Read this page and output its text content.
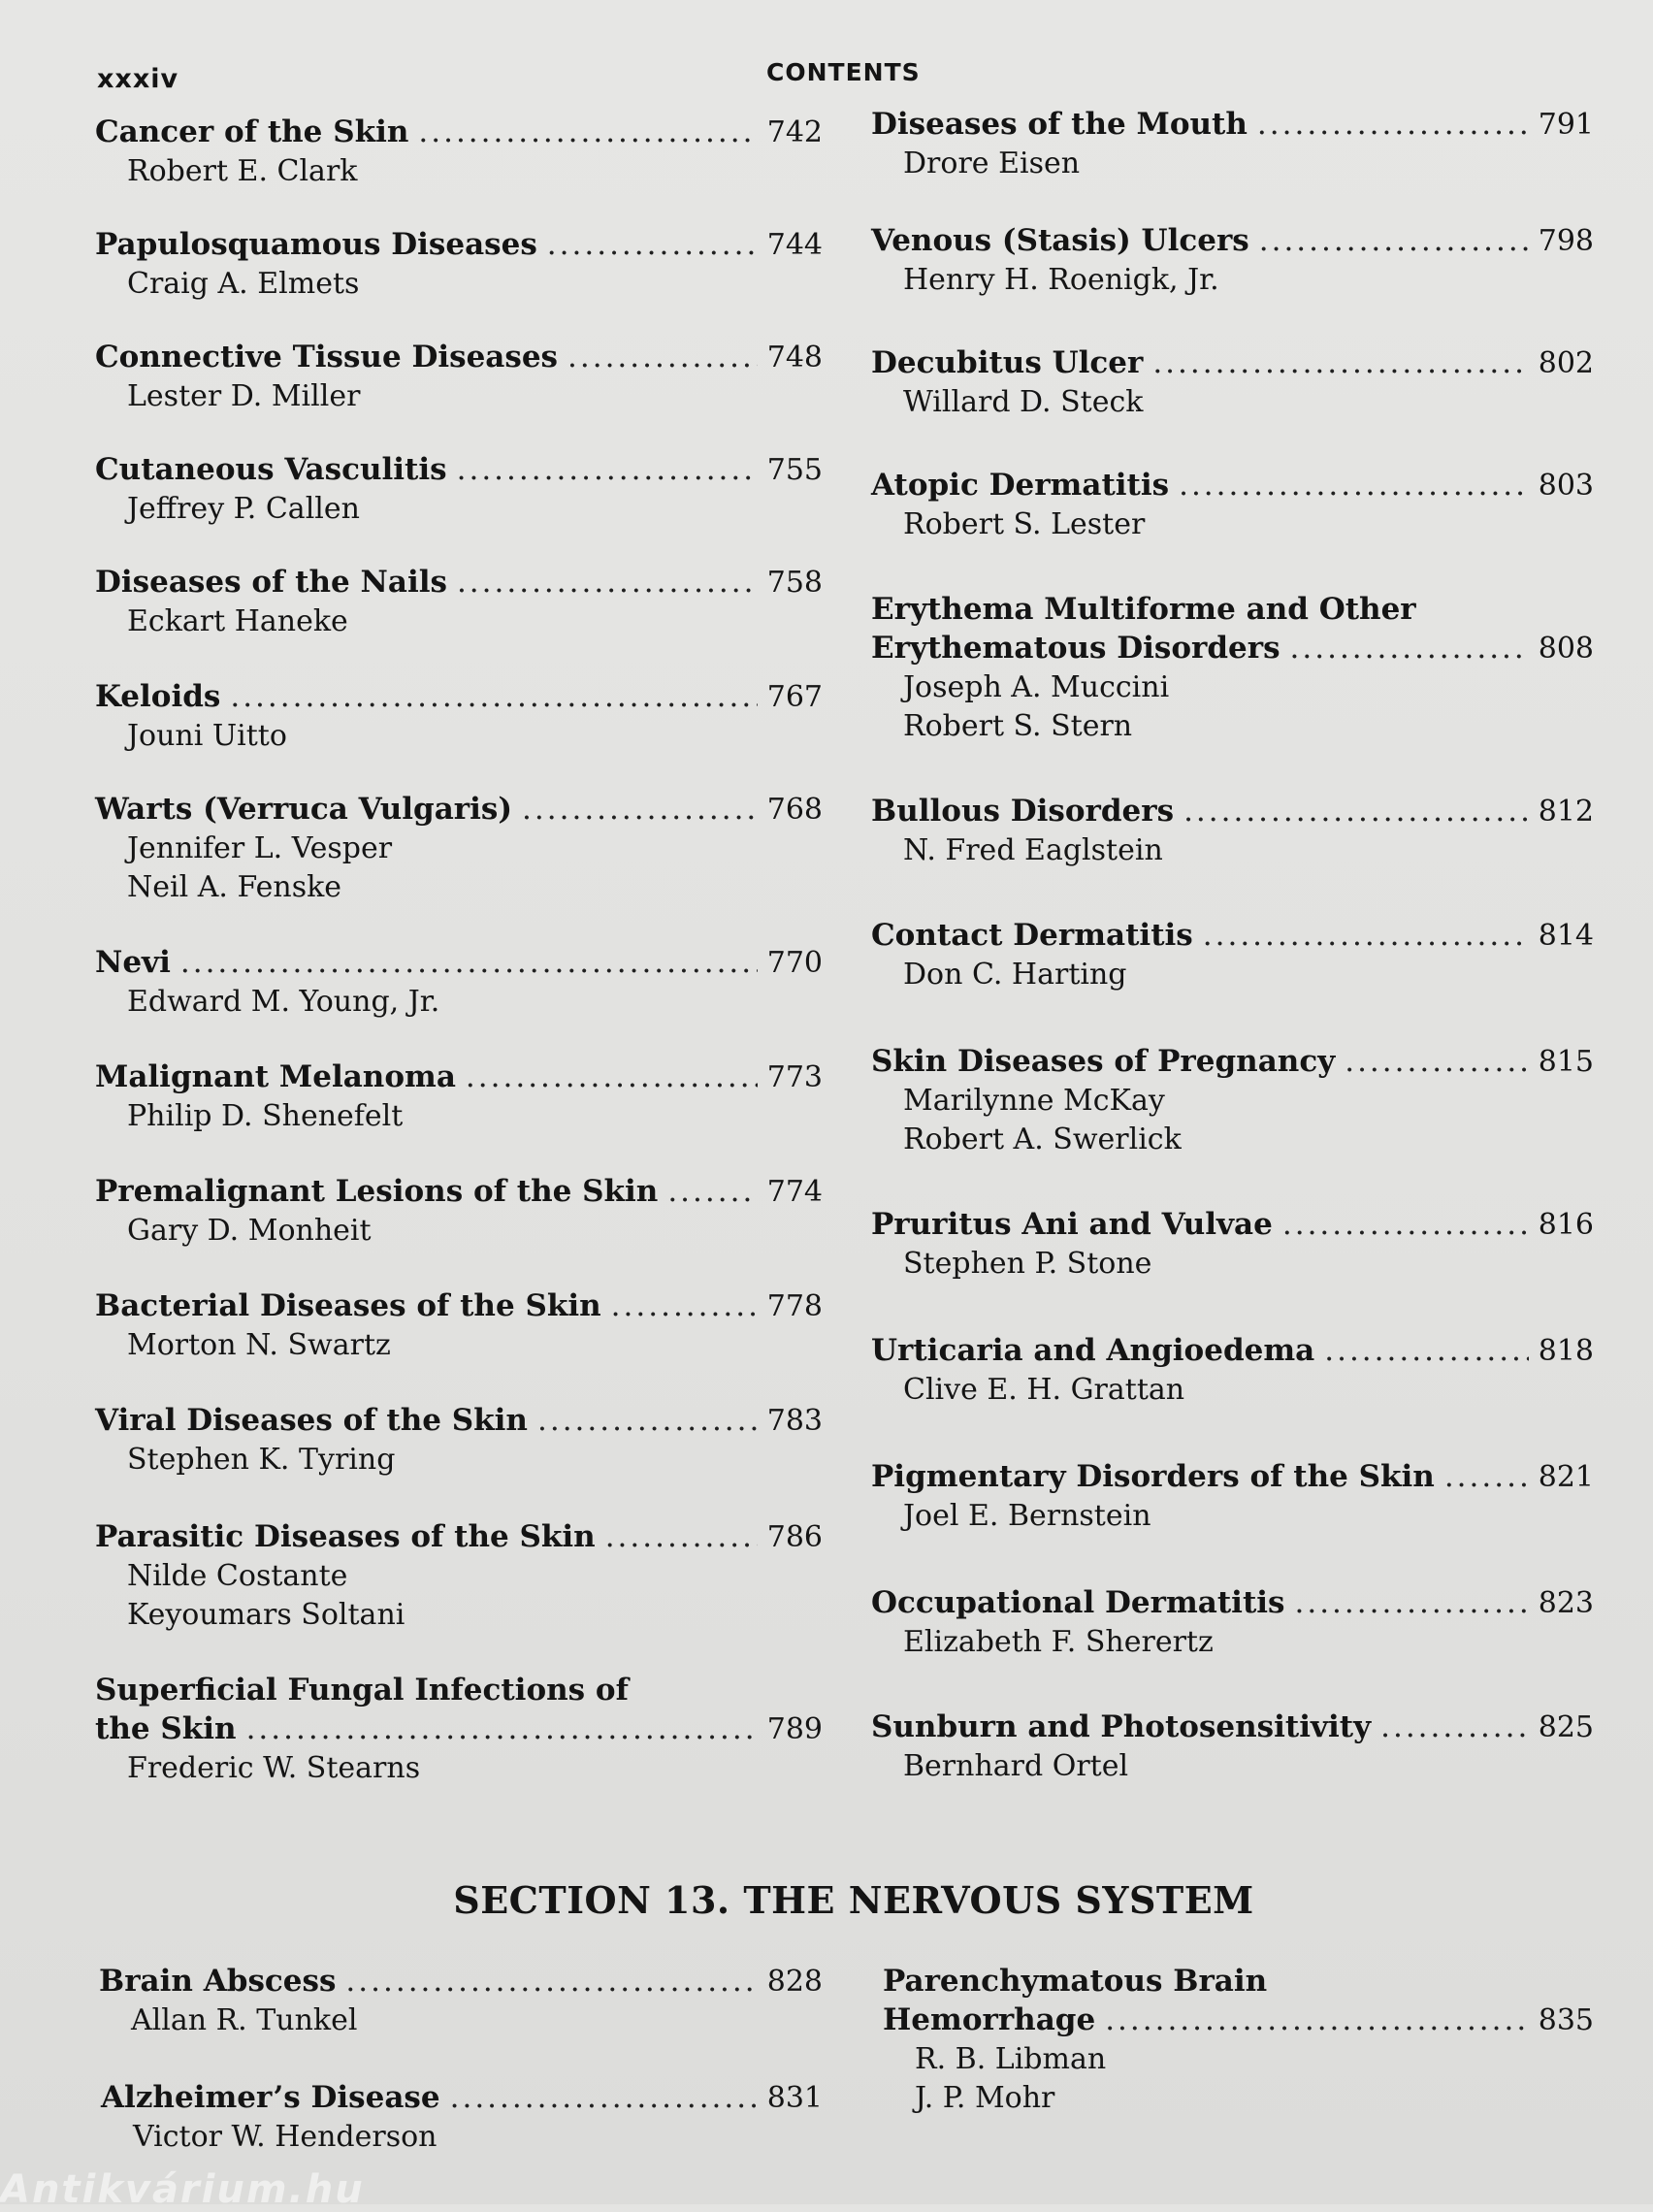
xxxiv	CONTENTS
Cancer of the Skin .....	742
Robert E. Clark
Papulosquamous Diseases .....	744
Craig A. Elmets
Connective Tissue Diseases .....	748
Lester D. Miller
Cutaneous Vasculitis .....	755
Jeffrey P. Callen
Diseases of the Nails .....	758
Eckart Haneke
Keloids .....	767
Jouni Uitto
Warts (Verruca Vulgaris) .....	768
Jennifer L. Vesper
Neil A. Fenske
Nevi .....	770
Edward M. Young, Jr.
Malignant Melanoma .....	773
Philip D. Shenefelt
Premalignant Lesions of the Skin .....	774
Gary D. Monheit
Bacterial Diseases of the Skin .....	778
Morton N. Swartz
Viral Diseases of the Skin .....	783
Stephen K. Tyring
Parasitic Diseases of the Skin .....	786
Nilde Costante
Keyoumars Soltani
Superficial Fungal Infections of
the Skin .....	789
Frederic W. Stearns
Brain Abscess .....	828
Allan R. Tunkel
Alzheimer’s Disease .....	831
Victor W. Henderson
Diseases of the Mouth .....	791
Drore Eisen
Venous (Stasis) Ulcers .....	798
Henry H. Roenigk, Jr.
Decubitus Ulcer .....	802
Willard D. Steck
Atopic Dermatitis .....	803
Robert S. Lester
Erythema Multiforme and Other
Erythematous Disorders .....	808
Joseph A. Muccini
Robert S. Stern
Bullous Disorders .....	812
N. Fred Eaglstein
Contact Dermatitis .....	814
Don C. Harting
Skin Diseases of Pregnancy .....	815
Marilynne McKay
Robert A. Swerlick
Pruritus Ani and Vulvae .....	816
Stephen P. Stone
Urticaria and Angioedema .....	818
Clive E. H. Grattan
Pigmentary Disorders of the Skin .....	821
Joel E. Bernstein
Occupational Dermatitis .....	823
Elizabeth F. Sherertz
Sunburn and Photosensitivity .....	825
Bernhard Ortel
Parenchymatous Brain
Hemorrhage .....	835
R. B. Libman
J. P. Mohr
SECTION 13. THE NERVOUS SYSTEM
Antikvárium.hu
